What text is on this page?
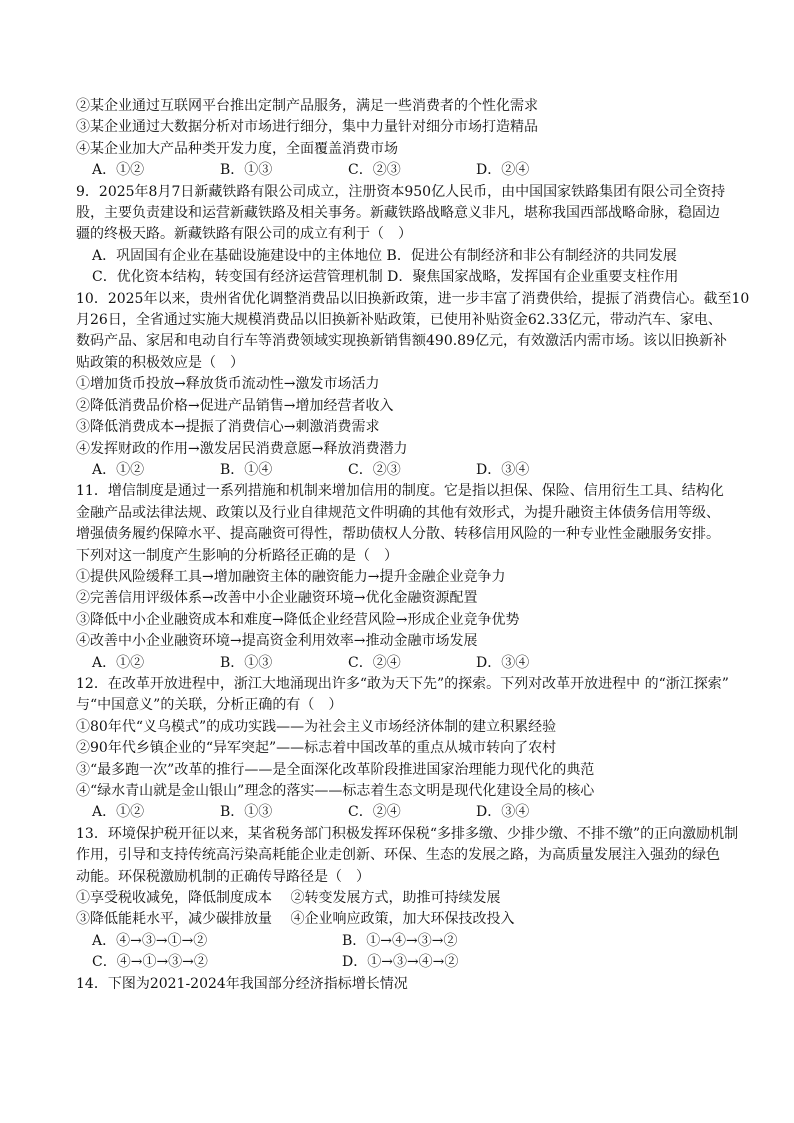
②某企业通过互联网平台推出定制产品服务，满足一些消费者的个性化需求
③某企业通过大数据分析对市场进行细分，集中力量针对细分市场打造精品
④某企业加大产品种类开发力度，全面覆盖消费市场
A．①②	B．①③	C．②③	D．②④
9．2025年8月7日新藏铁路有限公司成立，注册资本950亿人民币，由中国国家铁路集团有限公司全资持
股，主要负责建设和运营新藏铁路及相关事务。新藏铁路战略意义非凡，堪称我国西部战略命脉，稳固边
疆的终极天路。新藏铁路有限公司的成立有利于（　）
A．巩固国有企业在基础设施建设中的主体地位 B．促进公有制经济和非公有制经济的共同发展
C．优化资本结构，转变国有经济运营管理机制 D．聚焦国家战略，发挥国有企业重要支柱作用
10．2025年以来，贵州省优化调整消费品以旧换新政策，进一步丰富了消费供给，提振了消费信心。截至10
月26日，全省通过实施大规模消费品以旧换新补贴政策，已使用补贴资金62.33亿元，带动汽车、家电、
数码产品、家居和电动自行车等消费领域实现换新销售额490.89亿元，有效激活内需市场。该以旧换新补
贴政策的积极效应是（　）
①增加货币投放→释放货币流动性→激发市场活力
②降低消费品价格→促进产品销售→增加经营者收入
③降低消费成本→提振了消费信心→刺激消费需求
④发挥财政的作用→激发居民消费意愿→释放消费潜力
A．①②	B．①④	C．②③	D．③④
11．增信制度是通过一系列措施和机制来增加信用的制度。它是指以担保、保险、信用衍生工具、结构化
金融产品或法律法规、政策以及行业自律规范文件明确的其他有效形式，为提升融资主体债务信用等级、
增强债务履约保障水平、提高融资可得性，帮助债权人分散、转移信用风险的一种专业性金融服务安排。
下列对这一制度产生影响的分析路径正确的是（　）
①提供风险缓释工具→增加融资主体的融资能力→提升金融企业竞争力
②完善信用评级体系→改善中小企业融资环境→优化金融资源配置
③降低中小企业融资成本和难度→降低企业经营风险→形成企业竞争优势
④改善中小企业融资环境→提高资金利用效率→推动金融市场发展
A．①②	B．①③	C．②④	D．③④
12．在改革开放进程中，浙江大地涌现出许多“敢为天下先”的探索。下列对改革开放进程中 的“浙江探索”
与“中国意义”的关联，分析正确的有（　）
①80年代“义乌模式”的成功实践——为社会主义市场经济体制的建立积累经验
②90年代乡镇企业的“异军突起”——标志着中国改革的重点从城市转向了农村
③“最多跑一次”改革的推行——是全面深化改革阶段推进国家治理能力现代化的典范
④“绿水青山就是金山银山”理念的落实——标志着生态文明是现代化建设全局的核心
A．①②	B．①③	C．②④	D．③④
13．环境保护税开征以来，某省税务部门积极发挥环保税“多排多缴、少排少缴、不排不缴”的正向激励机制
作用，引导和支持传统高污染高耗能企业走创新、环保、生态的发展之路，为高质量发展注入强劲的绿色
动能。环保税激励机制的正确传导路径是（　）
①享受税收减免，降低制度成本　 ②转变发展方式，助推可持续发展
③降低能耗水平，减少碳排放量　 ④企业响应政策，加大环保技改投入
A．④→③→①→②	B．①→④→③→②
C．④→①→③→②	D．①→③→④→②
14．下图为2021-2024年我国部分经济指标增长情况
